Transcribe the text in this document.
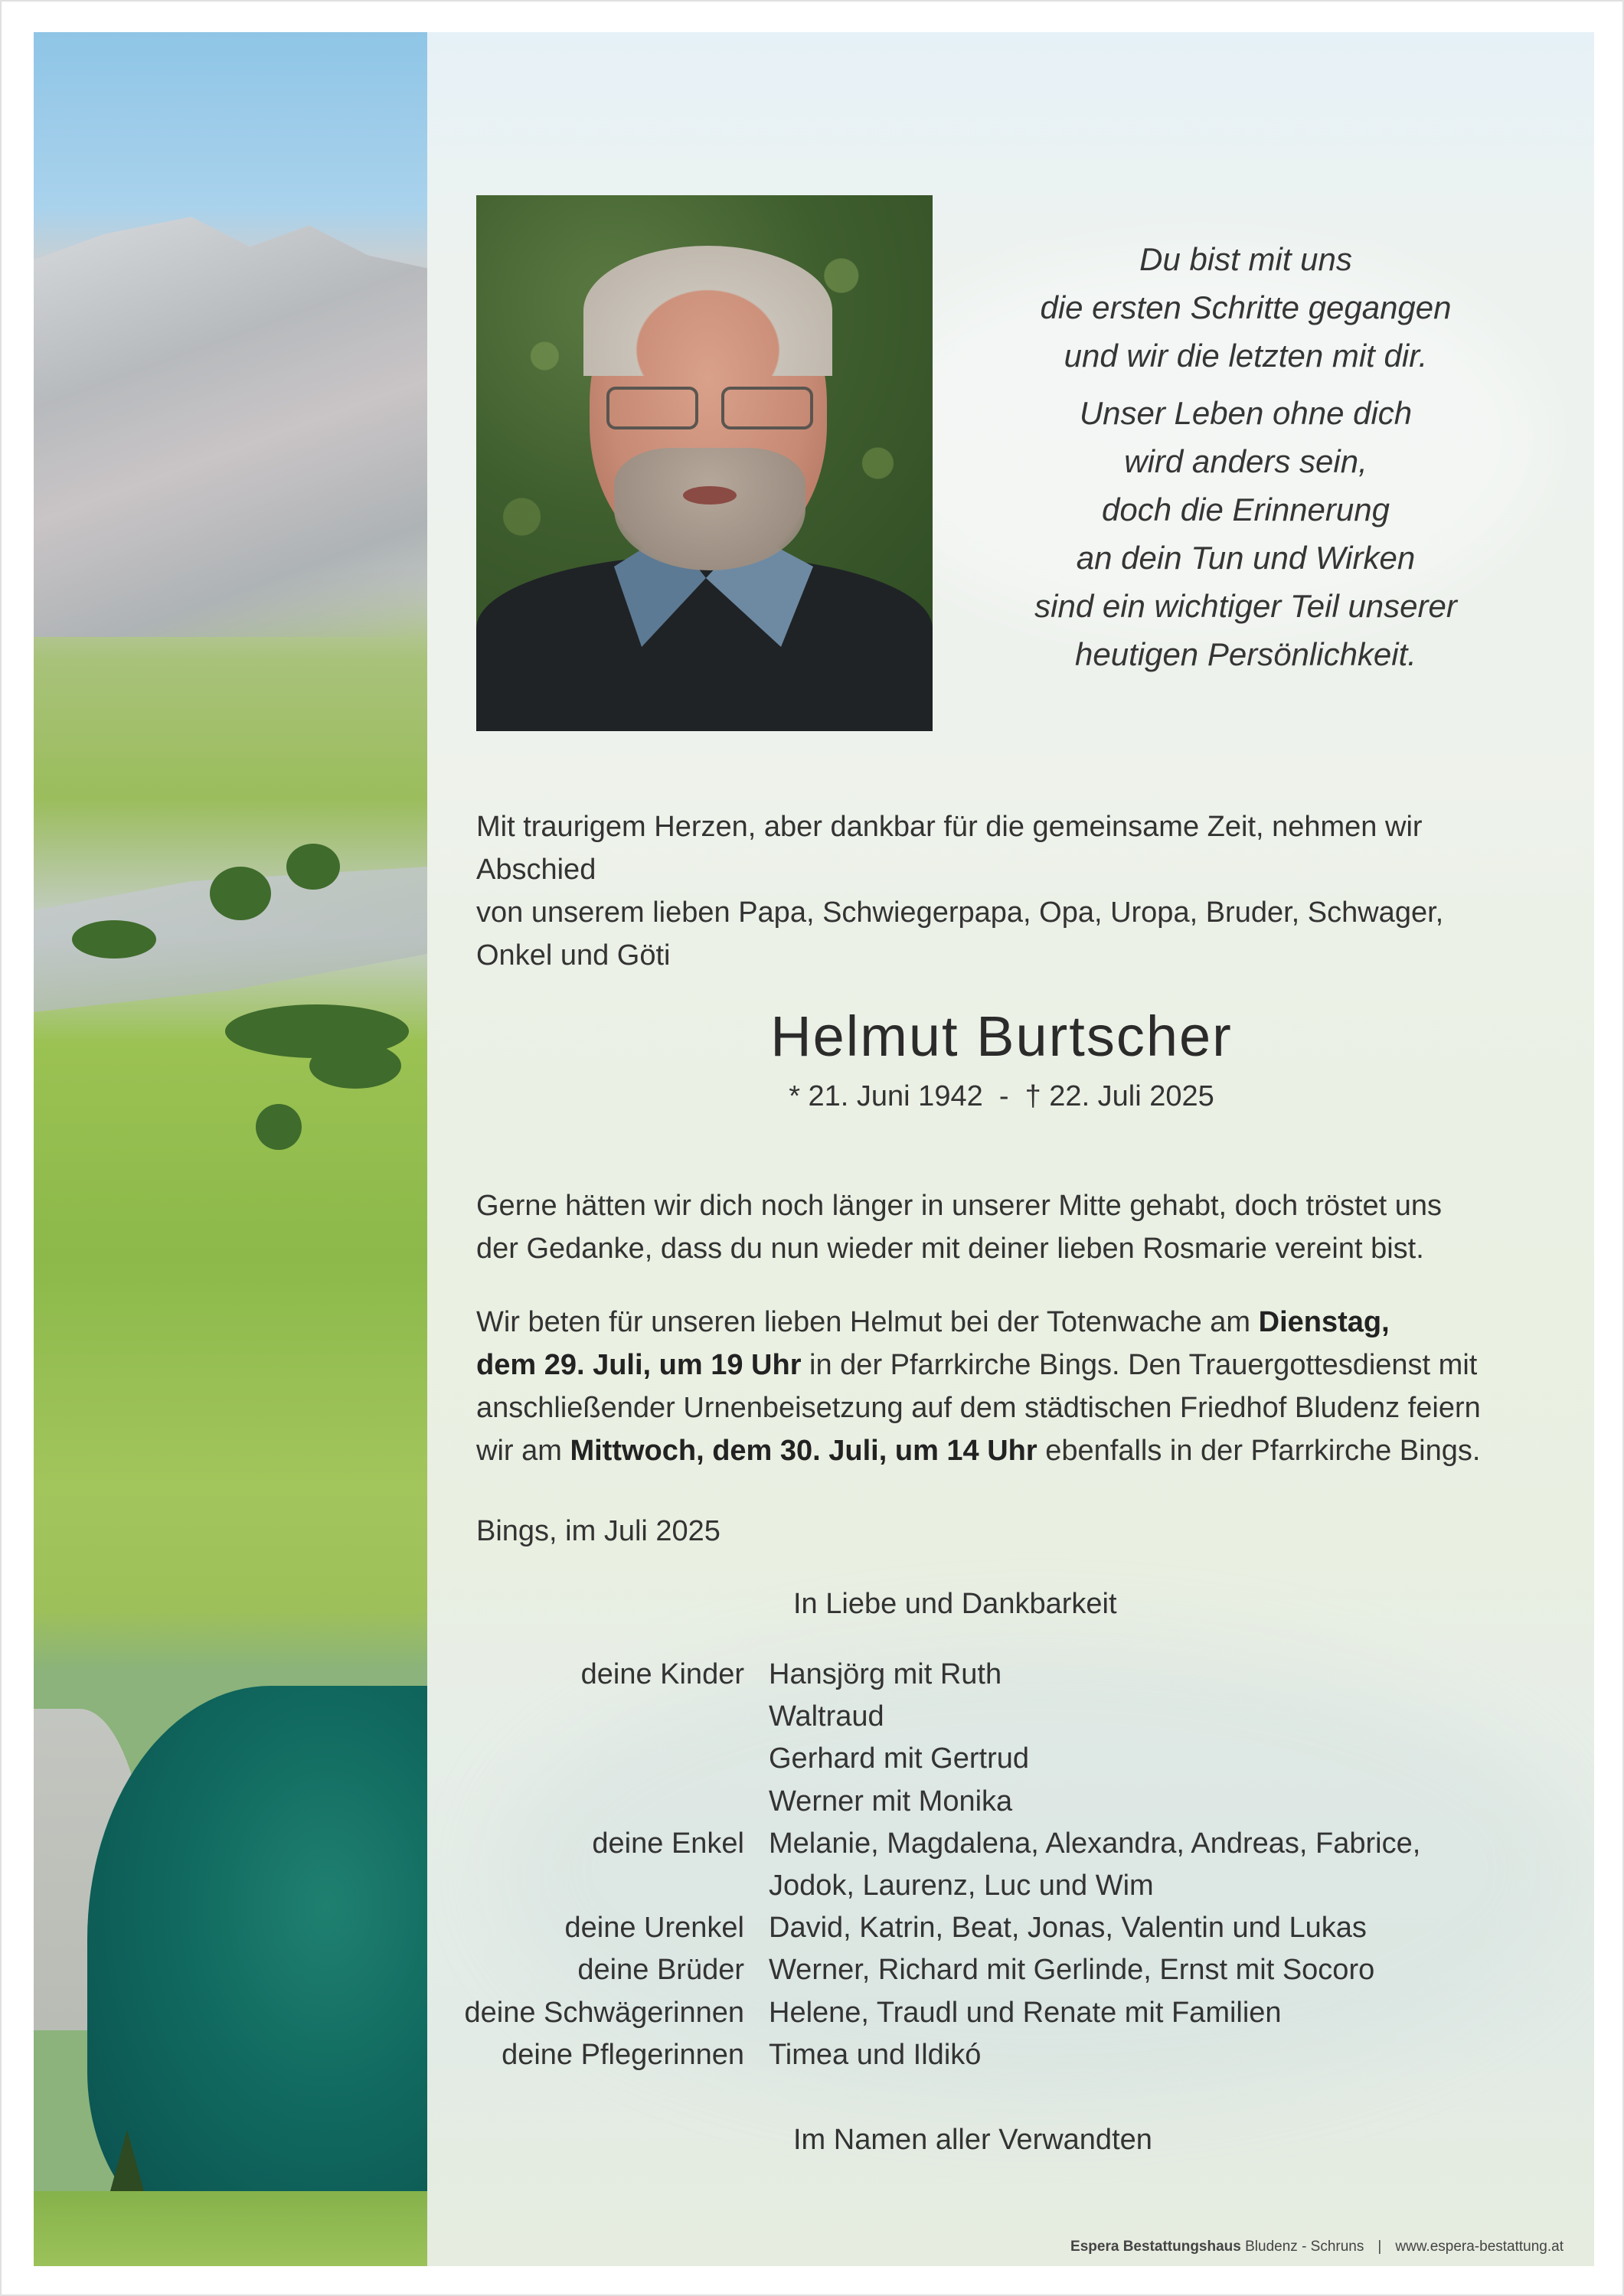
Du bist mit uns

die ersten Schritte gegangen

und wir die letzten mit dir.

Unser Leben ohne dich

wird anders sein,

doch die Erinnerung

an dein Tun und Wirken

sind ein wichtiger Teil unserer

heutigen Persönlichkeit.

Mit traurigem Herzen, aber dankbar für die gemeinsame Zeit, nehmen wir Abschied
von unserem lieben Papa, Schwiegerpapa, Opa, Uropa, Bruder, Schwager,
Onkel und Göti
Helmut Burtscher
* 21. Juni 1942  -  † 22. Juli 2025
Gerne hätten wir dich noch länger in unserer Mitte gehabt, doch tröstet uns
der Gedanke, dass du nun wieder mit deiner lieben Rosmarie vereint bist.
Wir beten für unseren lieben Helmut bei der Totenwache am Dienstag,
dem 29. Juli, um 19 Uhr in der Pfarrkirche Bings. Den Trauergottesdienst mit
anschließender Urnenbeisetzung auf dem städtischen Friedhof Bludenz feiern
wir am Mittwoch, dem 30. Juli, um 14 Uhr ebenfalls in der Pfarrkirche Bings.
Bings, im Juli 2025
In Liebe und Dankbarkeit
deine Kinder Hansjörg mit Ruth
Waltraud
Gerhard mit Gertrud
Werner mit Monika
deine Enkel Melanie, Magdalena, Alexandra, Andreas, Fabrice,
Jodok, Laurenz, Luc und Wim
deine Urenkel David, Katrin, Beat, Jonas, Valentin und Lukas
deine Brüder Werner, Richard mit Gerlinde, Ernst mit Socoro
deine Schwägerinnen Helene, Traudl und Renate mit Familien
deine Pflegerinnen Timea und Ildikó
Im Namen aller Verwandten
Espera Bestattungshaus Bludenz - Schruns | www.espera-bestattung.at
